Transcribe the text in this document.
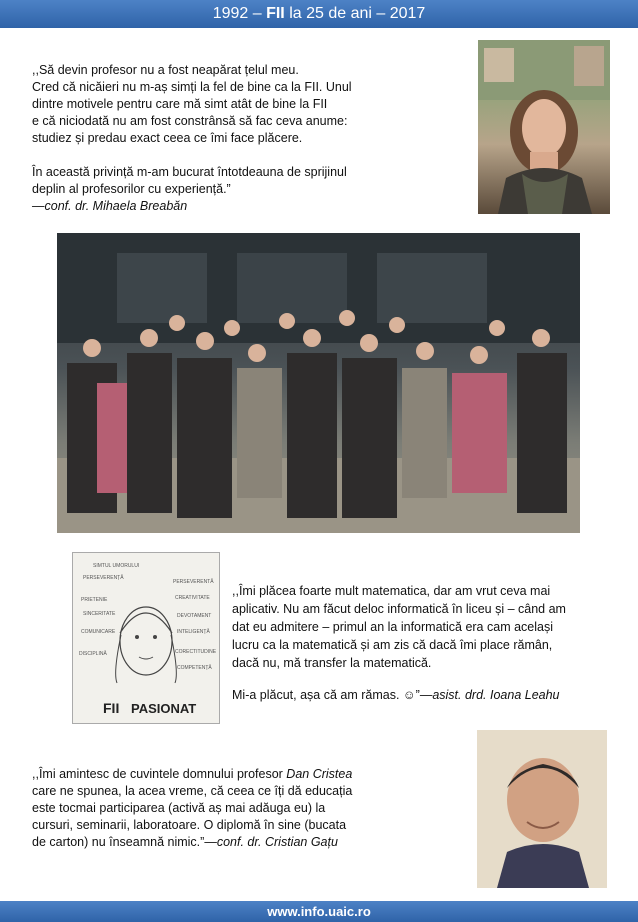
1992 – FII la 25 de ani – 2017

,,Să devin profesor nu a fost neapărat țelul meu.

Cred că nicăieri nu m-aș simți la fel de bine ca la FII. Unul

dintre motivele pentru care mă simt atât de bine la FII

e că niciodată nu am fost constrânsă să fac ceva anume:

studiez și predau exact ceea ce îmi face plăcere.

În această privință m-am bucurat întotdeauna de sprijinul

deplin al profesorilor cu experiență.”

—conf. dr. Mihaela Breabăn

SIMTUL UMORULUI
PERSEVERENȚĂ
PRIETENIE
SINCERITATE
COMUNICARE
DISCIPLINĂ
PERSEVERENTĂ
CREATIVITATE
DEVOTAMENT
INTELIGENȚĂ
CORECTITUDINE
COMPETENȚĂ
FII PASIONAT

,,Îmi plăcea foarte mult matematica, dar am vrut ceva mai

aplicativ. Nu am făcut deloc informatică în liceu și – când am

dat eu admitere – primul an la informatică era cam același

lucru ca la matematică și am zis că dacă îmi place rămân,

dacă nu, mă transfer la matematică.

Mi-a plăcut, așa că am rămas. ☺”—asist. drd. Ioana Leahu

,,Îmi amintesc de cuvintele domnului profesor Dan Cristea

care ne spunea, la acea vreme, că ceea ce îți dă educația

este tocmai participarea (activă aș mai adăuga eu) la

cursuri, seminarii, laboratoare. O diplomă în sine (bucata

de carton) nu înseamnă nimic.”—conf. dr. Cristian Gațu

www.info.uaic.ro
